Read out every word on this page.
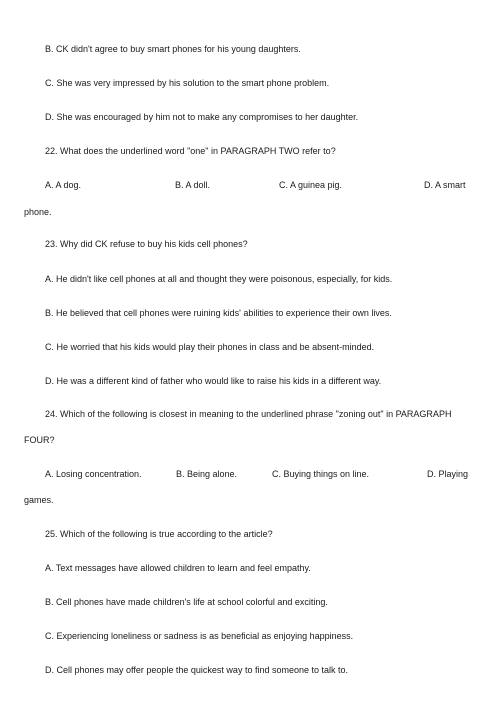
B. CK didn't agree to buy smart phones for his young daughters.
C. She was very impressed by his solution to the smart phone problem.
D. She was encouraged by him not to make any compromises to her daughter.
22. What does the underlined word "one" in PARAGRAPH TWO refer to?
A. A dog.	B. A doll.	C. A guinea pig.	D. A smart
phone.
23. Why did CK refuse to buy his kids cell phones?
A. He didn't like cell phones at all and thought they were poisonous, especially, for kids.
B. He believed that cell phones were ruining kids' abilities to experience their own lives.
C. He worried that his kids would play their phones in class and be absent-minded.
D. He was a different kind of father who would like to raise his kids in a different way.
24. Which of the following is closest in meaning to the underlined phrase "zoning out" in PARAGRAPH
FOUR?
A. Losing concentration.	B. Being alone.	C. Buying things on line.	D. Playing
games.
25. Which of the following is true according to the article?
A. Text messages have allowed children to learn and feel empathy.
B. Cell phones have made children's life at school colorful and exciting.
C. Experiencing loneliness or sadness is as beneficial as enjoying happiness.
D. Cell phones may offer people the quickest way to find someone to talk to.
